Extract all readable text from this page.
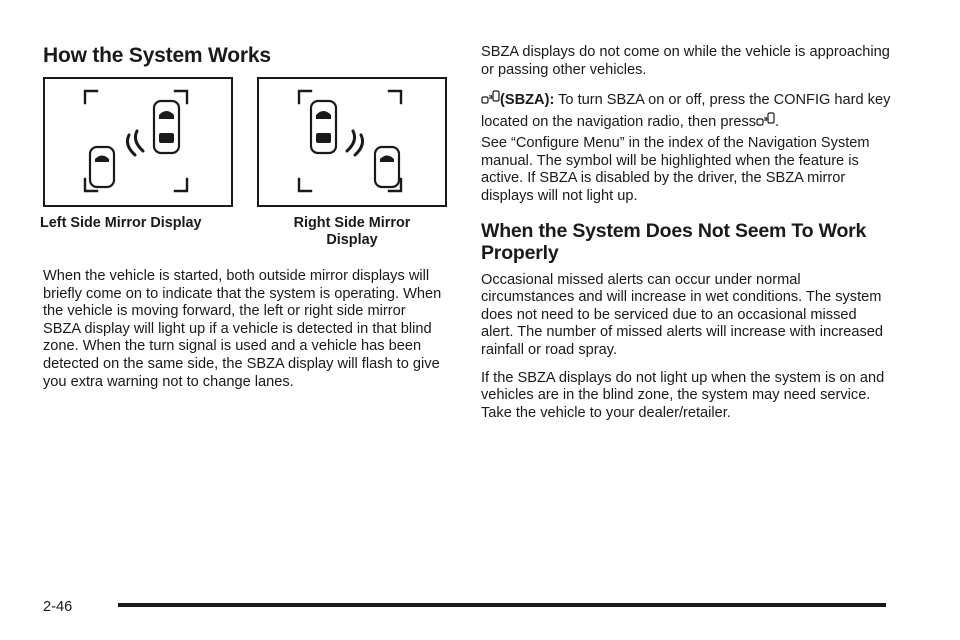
How the System Works
Left Side Mirror Display	Right Side Mirror
Display

When the vehicle is started, both outside mirror displays will briefly come on to indicate that the system is operating. When the vehicle is moving forward, the left or right side mirror SBZA display will light up if a vehicle is detected in that blind zone. When the turn signal is used and a vehicle has been detected on the same side, the SBZA display will flash to give you extra warning not to change lanes.

SBZA displays do not come on while the vehicle is approaching or passing other vehicles.

(SBZA): To turn SBZA on or off, press the CONFIG hard key located on the navigation radio, then press .

See “Configure Menu” in the index of the Navigation System manual. The symbol will be highlighted when the feature is active. If SBZA is disabled by the driver, the SBZA mirror displays will not light up.

When the System Does Not Seem To Work Properly

Occasional missed alerts can occur under normal circumstances and will increase in wet conditions. The system does not need to be serviced due to an occasional missed alert. The number of missed alerts will increase with increased rainfall or road spray.

If the SBZA displays do not light up when the system is on and vehicles are in the blind zone, the system may need service. Take the vehicle to your dealer/retailer.

2-46
